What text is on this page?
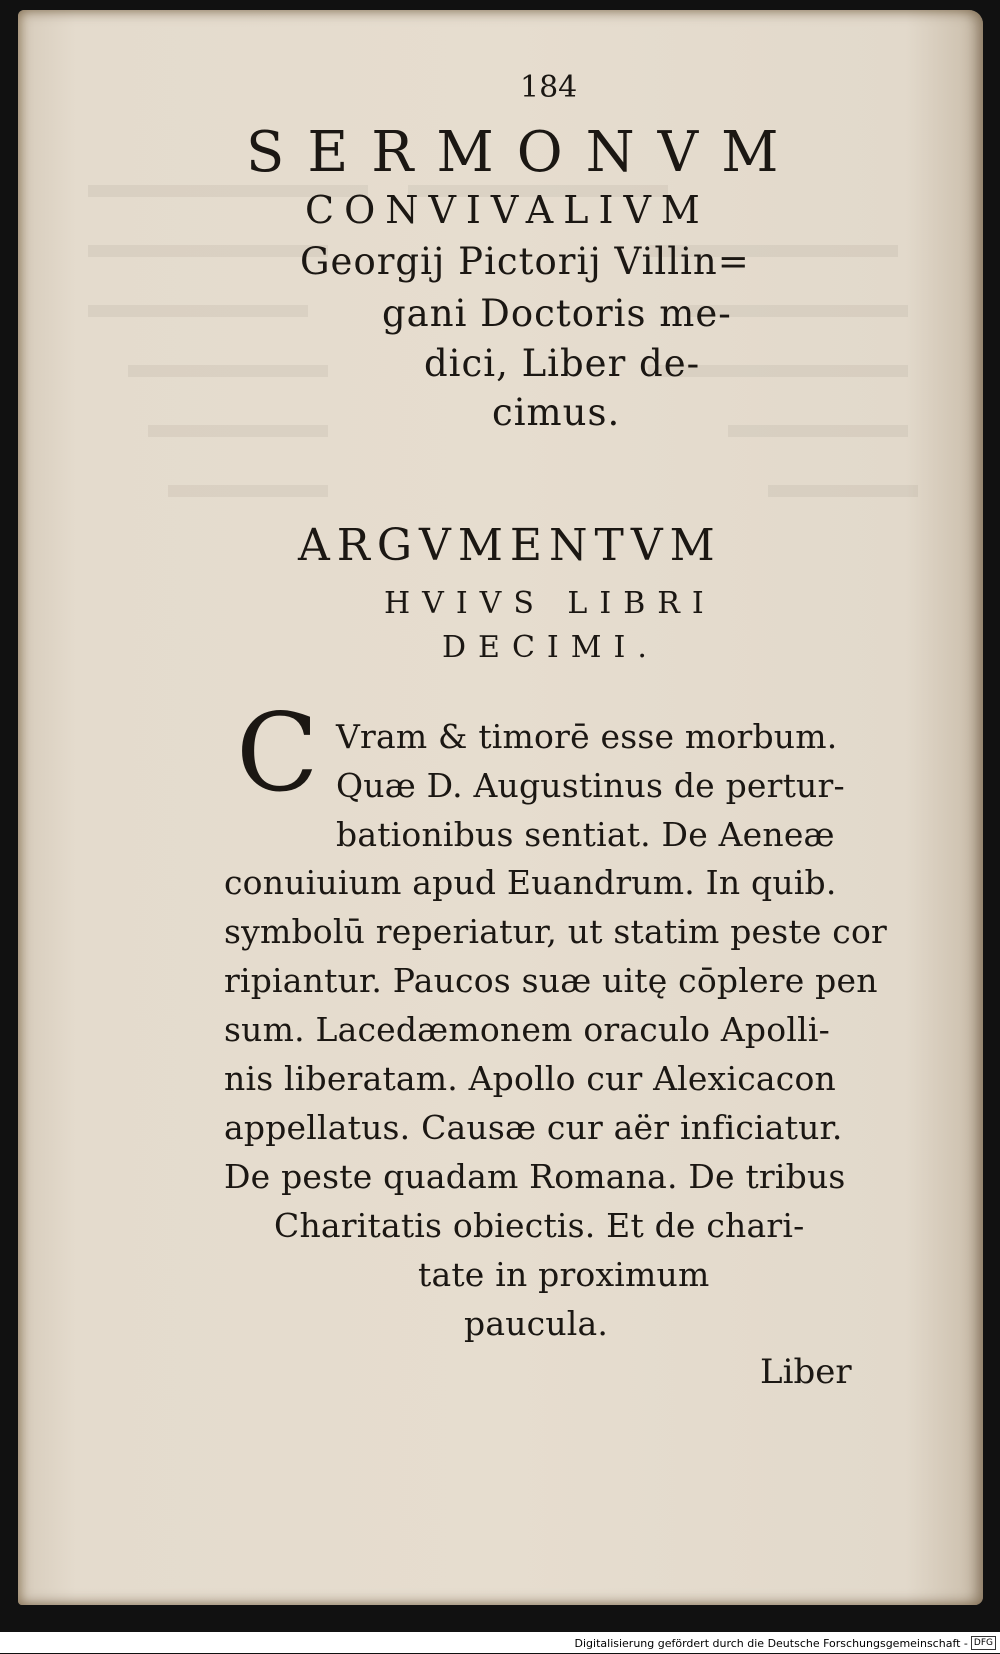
184
SERMONVM
CONVIVALIVM
Georgij Pictorij Villin=
gani Doctoris me-
dici, Liber de-
cimus.
ARGVMENTVM
HVIVS LIBRI
DECIMI.
C Vram & timorē esse morbum.
Quæ D. Augustinus de pertur-
bationibus sentiat. De Aeneæ
conuiuium apud Euandrum. In quib.
symbolū reperiatur, ut statim peste cor
ripiantur. Paucos suæ uitę cōplere pen
sum. Lacedæmonem oraculo Apolli-
nis liberatam. Apollo cur Alexicacon
appellatus. Causæ cur aër inficiatur.
De peste quadam Romana. De tribus
Charitatis obiectis. Et de chari-
tate in proximum
paucula.
Liber
Digitalisierung gefördert durch die Deutsche Forschungsgemeinschaft - DFG
